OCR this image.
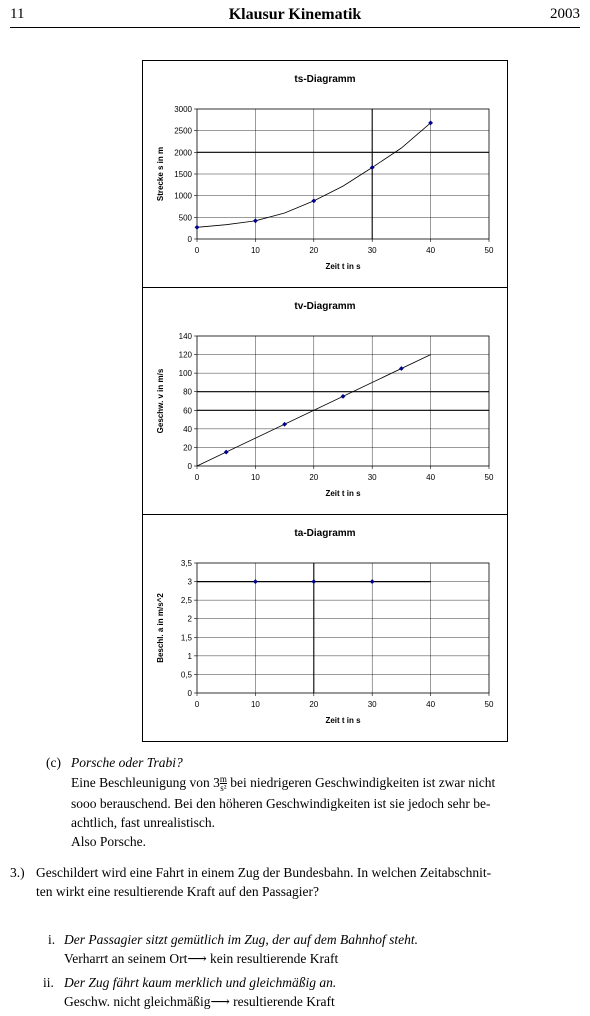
11	Klausur Kinematik	2003
ts-Diagramm
0
500
1000
1500
2000
2500
3000
0	10	20	30	40	50
Zeit t in s
Strecke s in m
tv-Diagramm
0
20
40
60
80
100
120
140
0	10	20	30	40	50
Zeit t in s
Geschw. v in m/s
ta-Diagramm
0
0,5
1
1,5
2
2,5
3
3,5
0	10	20	30	40	50
Zeit t in s
Beschl. a in m/s^2
(c) Porsche oder Trabi?
Eine Beschleunigung von $3 \frac{m}{\text{s²}}$ bei niedrigeren Geschwindigkeiten ist zwar nicht
sooo berauschend. Bei den höheren Geschwindigkeiten ist sie jedoch sehr be-
achtlich, fast unrealistisch.
Also Porsche.
3.) Geschildert wird eine Fahrt in einem Zug der Bundesbahn. In welchen Zeitabschnit-
ten wirkt eine resultierende Kraft auf den Passagier?
i. Der Passagier sitzt gemütlich im Zug, der auf dem Bahnhof steht.
Verharrt an seinem Ort⟶ kein resultierende Kraft
ii. Der Zug fährt kaum merklich und gleichmäßig an.
Geschw. nicht gleichmäßig⟶ resultierende Kraft
